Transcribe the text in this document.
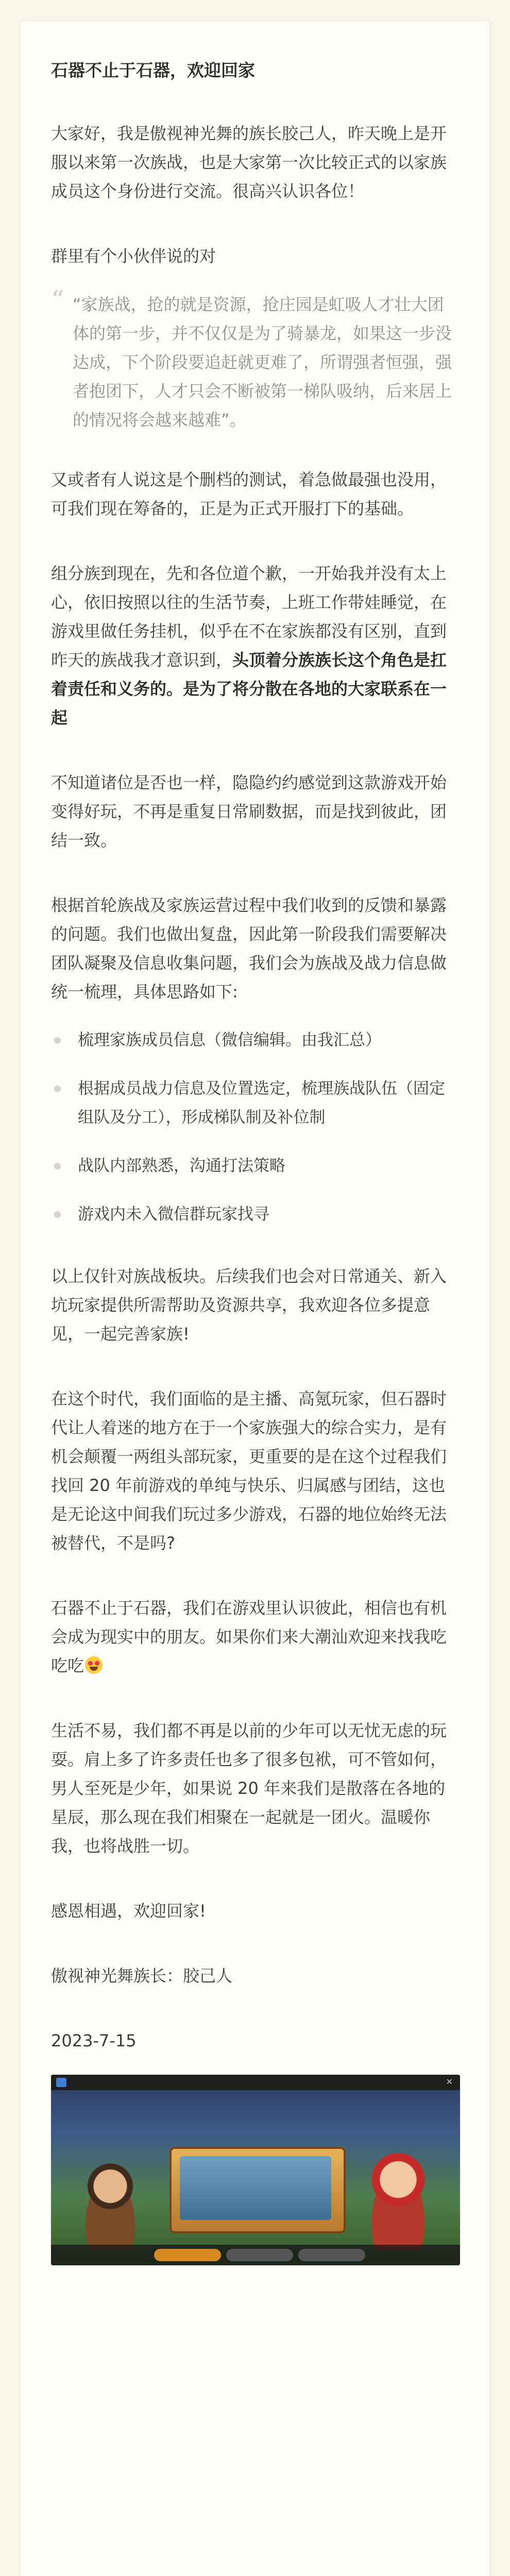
石器不止于石器，欢迎回家
大家好，我是傲视神光舞的族长胶己人，昨天晚上是开服以来第一次族战，也是大家第一次比较正式的以家族成员这个身份进行交流。很高兴认识各位！
群里有个小伙伴说的对
“ “家族战，抢的就是资源，抢庄园是虹吸人才壮大团体的第一步，并不仅仅是为了骑暴龙，如果这一步没达成，下个阶段要追赶就更难了，所谓强者恒强，强者抱团下，人才只会不断被第一梯队吸纳，后来居上的情况将会越来越难”。
又或者有人说这是个删档的测试，着急做最强也没用，可我们现在筹备的，正是为正式开服打下的基础。
组分族到现在，先和各位道个歉，一开始我并没有太上心，依旧按照以往的生活节奏，上班工作带娃睡觉，在游戏里做任务挂机，似乎在不在家族都没有区别，直到昨天的族战我才意识到，头顶着分族族长这个角色是扛着责任和义务的。是为了将分散在各地的大家联系在一起
不知道诸位是否也一样，隐隐约约感觉到这款游戏开始变得好玩，不再是重复日常刷数据，而是找到彼此，团结一致。
根据首轮族战及家族运营过程中我们收到的反馈和暴露的问题。我们也做出复盘，因此第一阶段我们需要解决团队凝聚及信息收集问题，我们会为族战及战力信息做统一梳理，具体思路如下:
梳理家族成员信息（微信编辑。由我汇总）
根据成员战力信息及位置选定，梳理族战队伍（固定组队及分工），形成梯队制及补位制
战队内部熟悉，沟通打法策略
游戏内未入微信群玩家找寻
以上仅针对族战板块。后续我们也会对日常通关、新入坑玩家提供所需帮助及资源共享，我欢迎各位多提意见，一起完善家族!
在这个时代，我们面临的是主播、高氪玩家，但石器时代让人着迷的地方在于一个家族强大的综合实力，是有机会颠覆一两组头部玩家，更重要的是在这个过程我们找回 20 年前游戏的单纯与快乐、归属感与团结，这也是无论这中间我们玩过多少游戏，石器的地位始终无法被替代，不是吗?
石器不止于石器，我们在游戏里认识彼此，相信也有机会成为现实中的朋友。如果你们来大潮汕欢迎来找我吃吃吃
生活不易，我们都不再是以前的少年可以无忧无虑的玩耍。肩上多了许多责任也多了很多包袱，可不管如何，男人至死是少年，如果说 20 年来我们是散落在各地的星辰，那么现在我们相聚在一起就是一团火。温暖你我，也将战胜一切。
感恩相遇，欢迎回家!
傲视神光舞族长：胶己人
2023-7-15
✕
